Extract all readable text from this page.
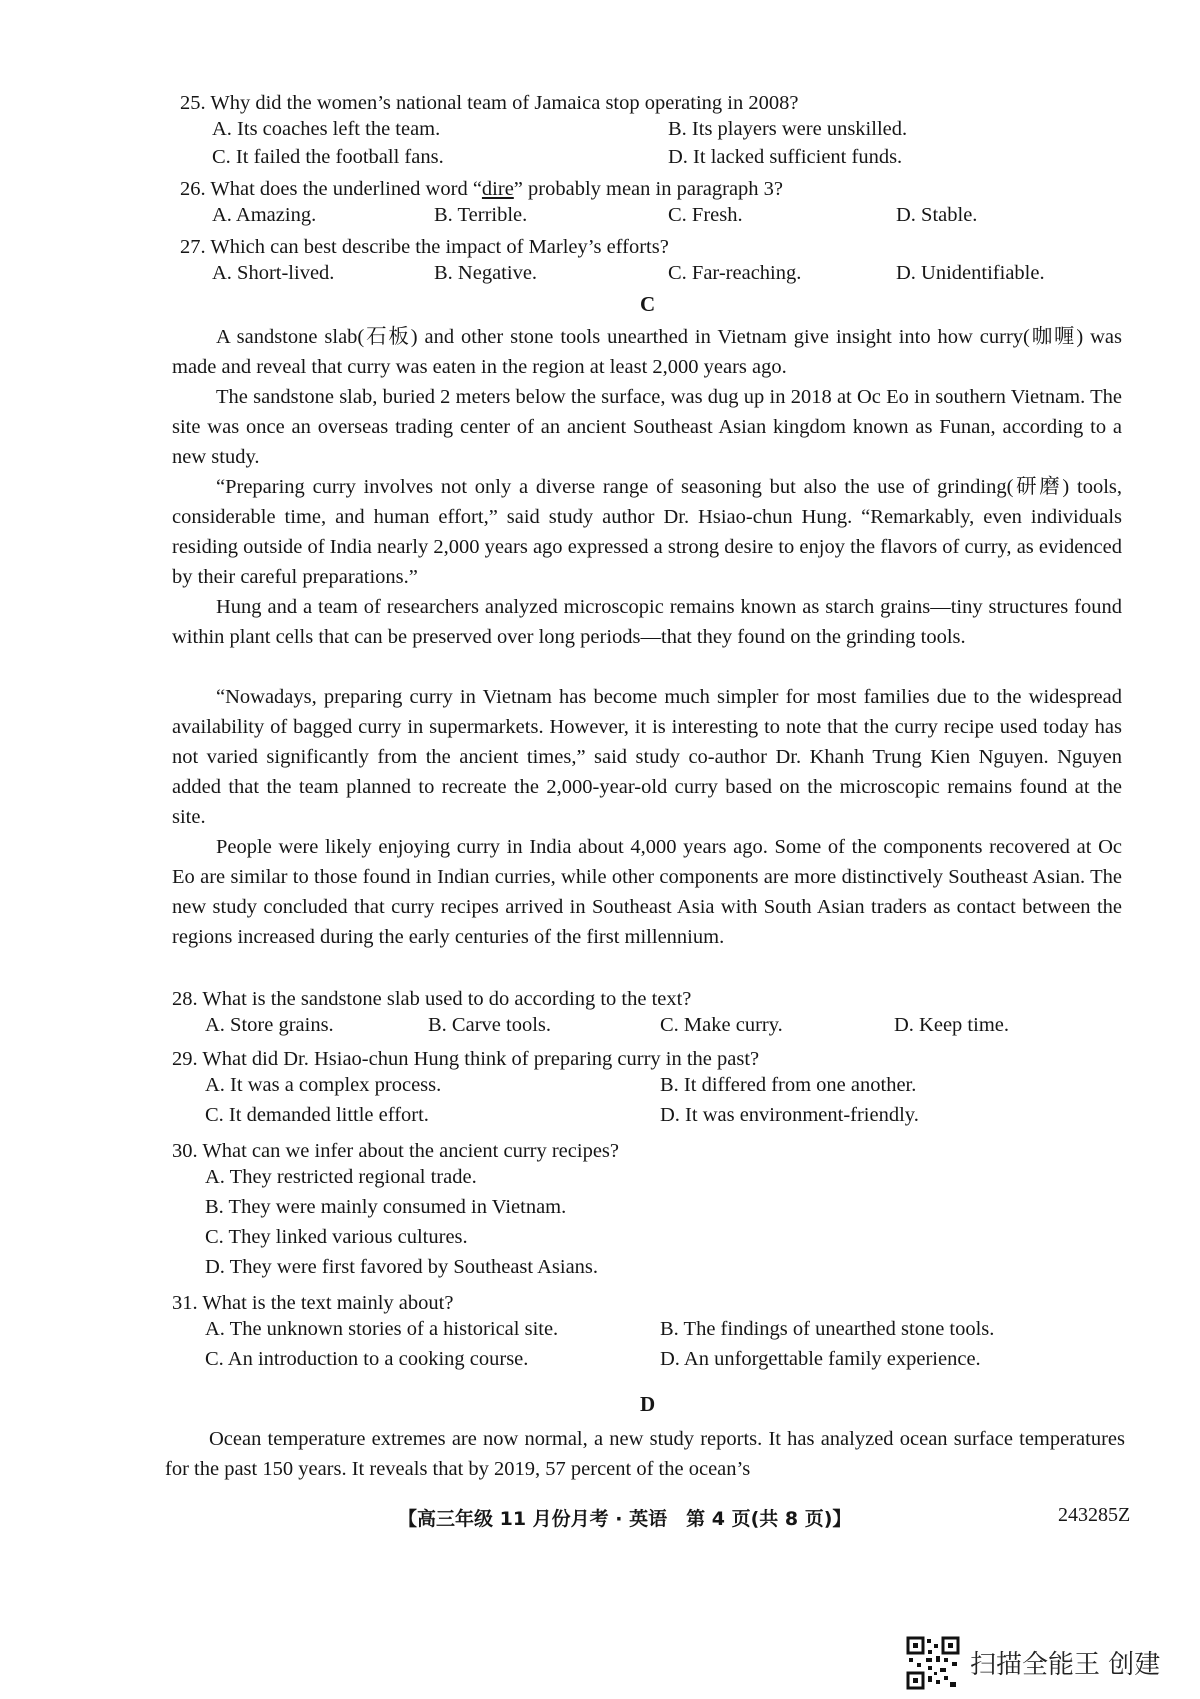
25. Why did the women’s national team of Jamaica stop operating in 2008?
A. Its coaches left the team.	B. Its players were unskilled.
C. It failed the football fans.	D. It lacked sufficient funds.
26. What does the underlined word “dire” probably mean in paragraph 3?
A. Amazing.	B. Terrible.	C. Fresh.	D. Stable.
27. Which can best describe the impact of Marley’s efforts?
A. Short-lived.	B. Negative.	C. Far-reaching.	D. Unidentifiable.
C
A sandstone slab(石板) and other stone tools unearthed in Vietnam give insight into how curry(咖喱) was made and reveal that curry was eaten in the region at least 2,000 years ago.
The sandstone slab, buried 2 meters below the surface, was dug up in 2018 at Oc Eo in southern Vietnam. The site was once an overseas trading center of an ancient Southeast Asian kingdom known as Funan, according to a new study.
“Preparing curry involves not only a diverse range of seasoning but also the use of grinding(研磨) tools, considerable time, and human effort,” said study author Dr. Hsiao-chun Hung. “Remarkably, even individuals residing outside of India nearly 2,000 years ago expressed a strong desire to enjoy the flavors of curry, as evidenced by their careful preparations.”
Hung and a team of researchers analyzed microscopic remains known as starch grains—tiny structures found within plant cells that can be preserved over long periods—that they found on the grinding tools.
“Nowadays, preparing curry in Vietnam has become much simpler for most families due to the widespread availability of bagged curry in supermarkets. However, it is interesting to note that the curry recipe used today has not varied significantly from the ancient times,” said study co-author Dr. Khanh Trung Kien Nguyen. Nguyen added that the team planned to recreate the 2,000-year-old curry based on the microscopic remains found at the site.
People were likely enjoying curry in India about 4,000 years ago. Some of the components recovered at Oc Eo are similar to those found in Indian curries, while other components are more distinctively Southeast Asian. The new study concluded that curry recipes arrived in Southeast Asia with South Asian traders as contact between the regions increased during the early centuries of the first millennium.
28. What is the sandstone slab used to do according to the text?
A. Store grains.	B. Carve tools.	C. Make curry.	D. Keep time.
29. What did Dr. Hsiao-chun Hung think of preparing curry in the past?
A. It was a complex process.	B. It differed from one another.
C. It demanded little effort.	D. It was environment-friendly.
30. What can we infer about the ancient curry recipes?
A. They restricted regional trade.
B. They were mainly consumed in Vietnam.
C. They linked various cultures.
D. They were first favored by Southeast Asians.
31. What is the text mainly about?
A. The unknown stories of a historical site.	B. The findings of unearthed stone tools.
C. An introduction to a cooking course.	D. An unforgettable family experience.
D
Ocean temperature extremes are now normal, a new study reports. It has analyzed ocean surface temperatures for the past 150 years. It reveals that by 2019, 57 percent of the ocean’s
【高三年级 11 月份月考 · 英语　第 4 页(共 8 页)】	243285Z
扫描全能王 创建
